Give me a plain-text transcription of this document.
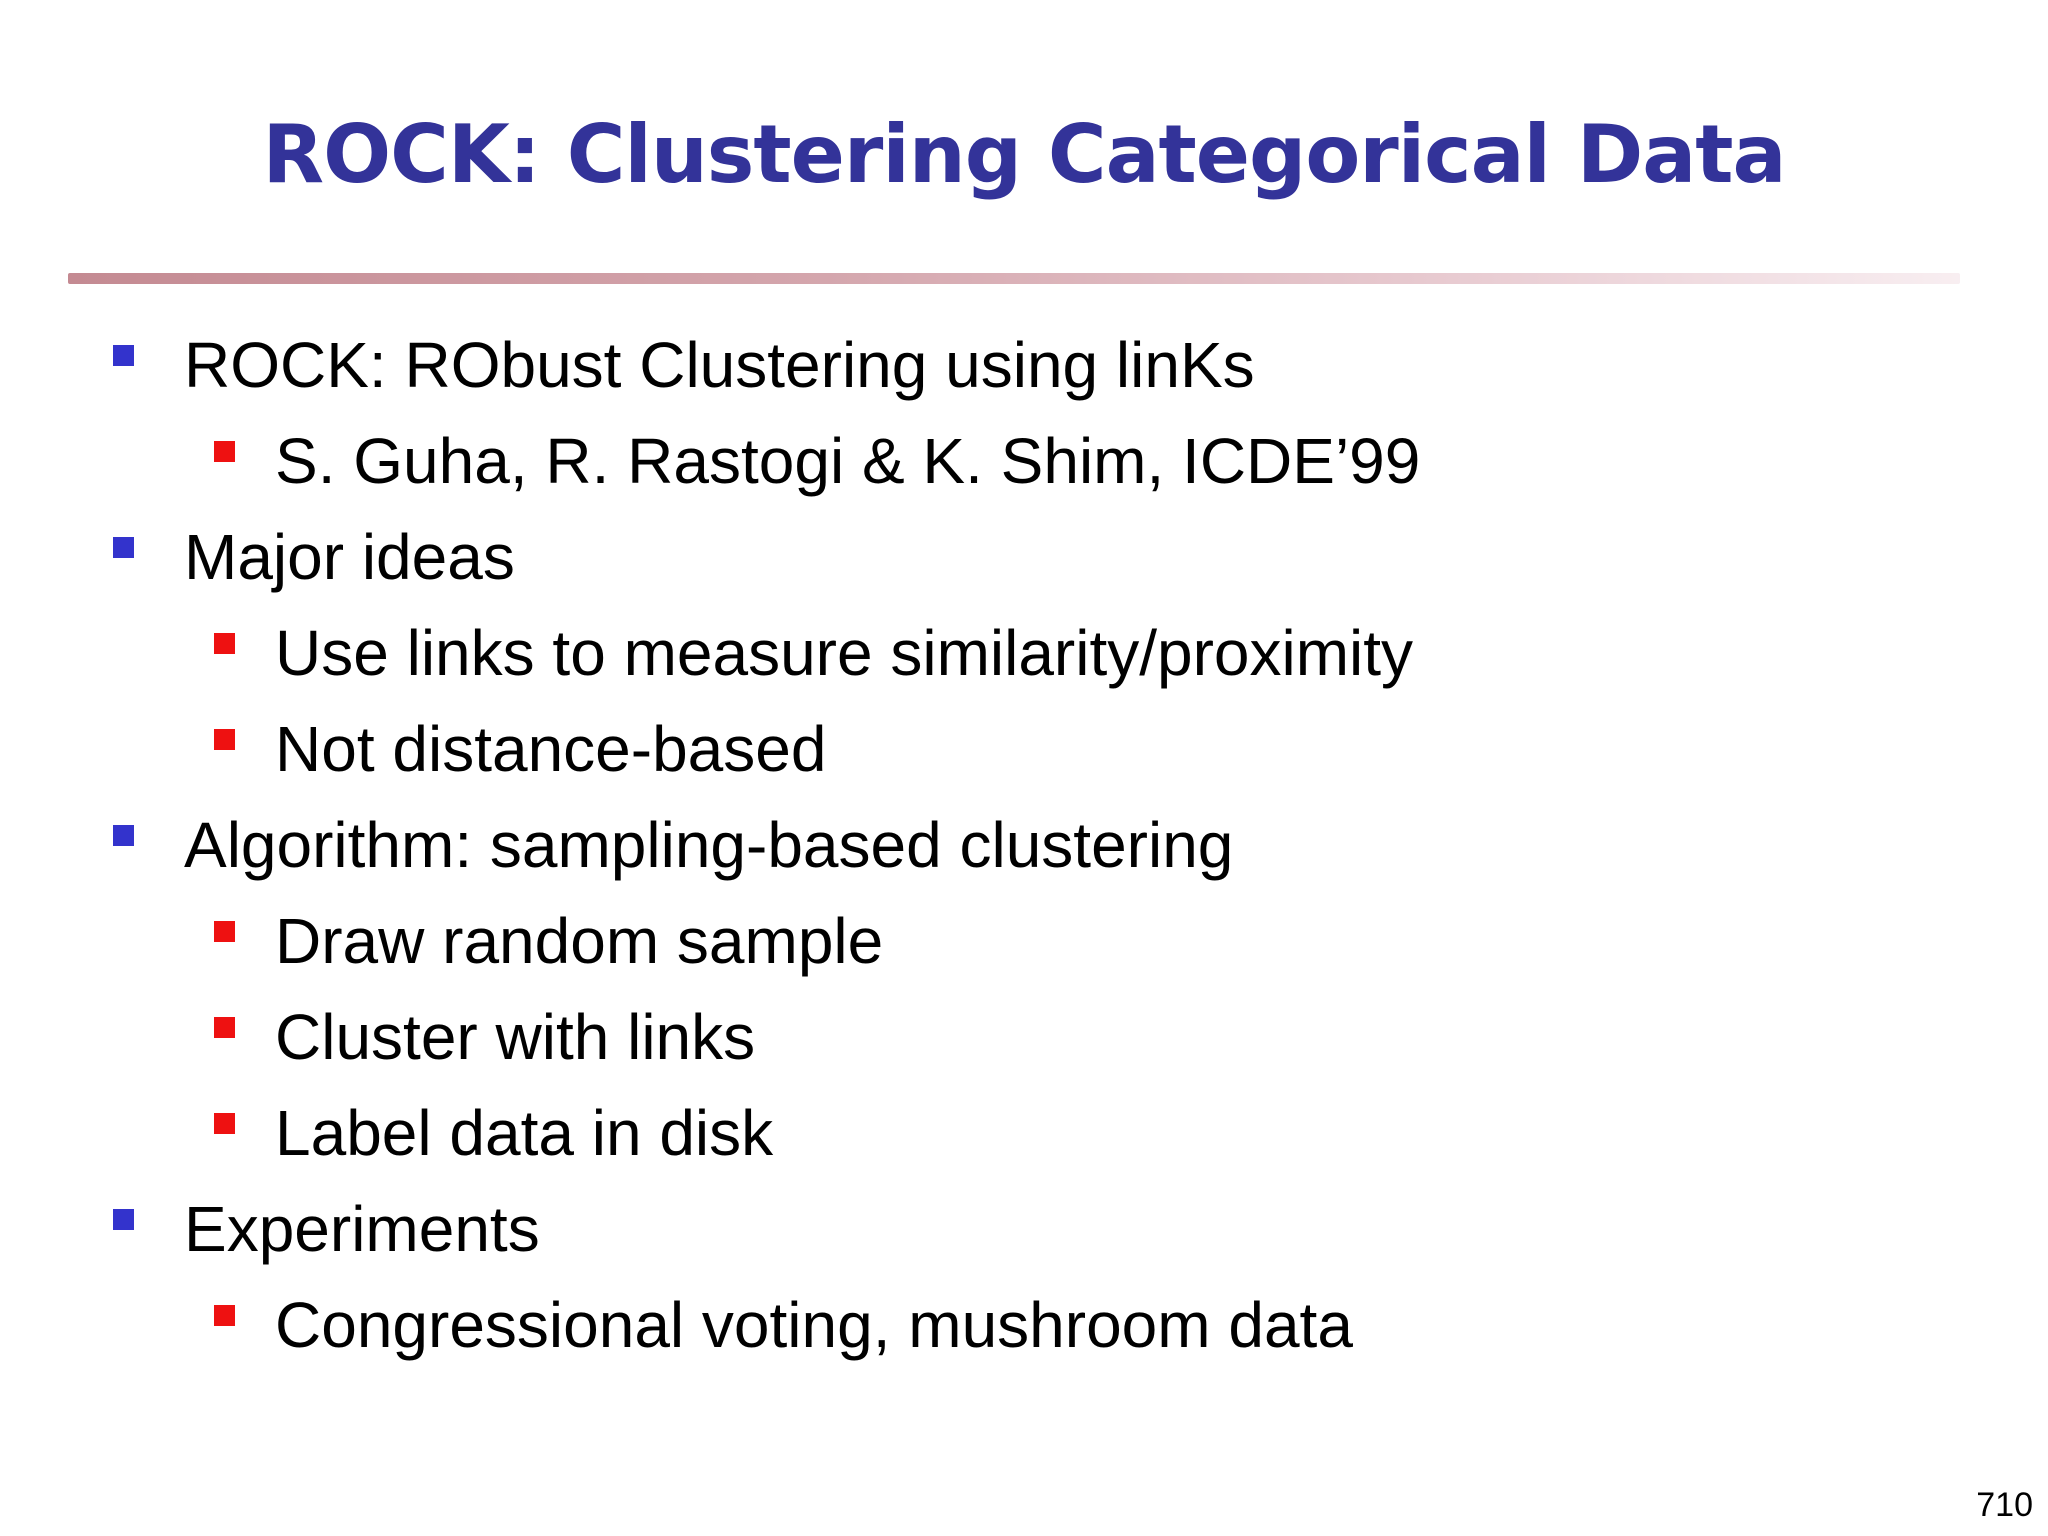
ROCK: Clustering Categorical Data
ROCK: RObust Clustering using linKs
S. Guha, R. Rastogi & K. Shim, ICDE’99
Major ideas
Use links to measure similarity/proximity
Not distance-based
Algorithm: sampling-based clustering
Draw random sample
Cluster with links
Label data in disk
Experiments
Congressional voting, mushroom data
710
